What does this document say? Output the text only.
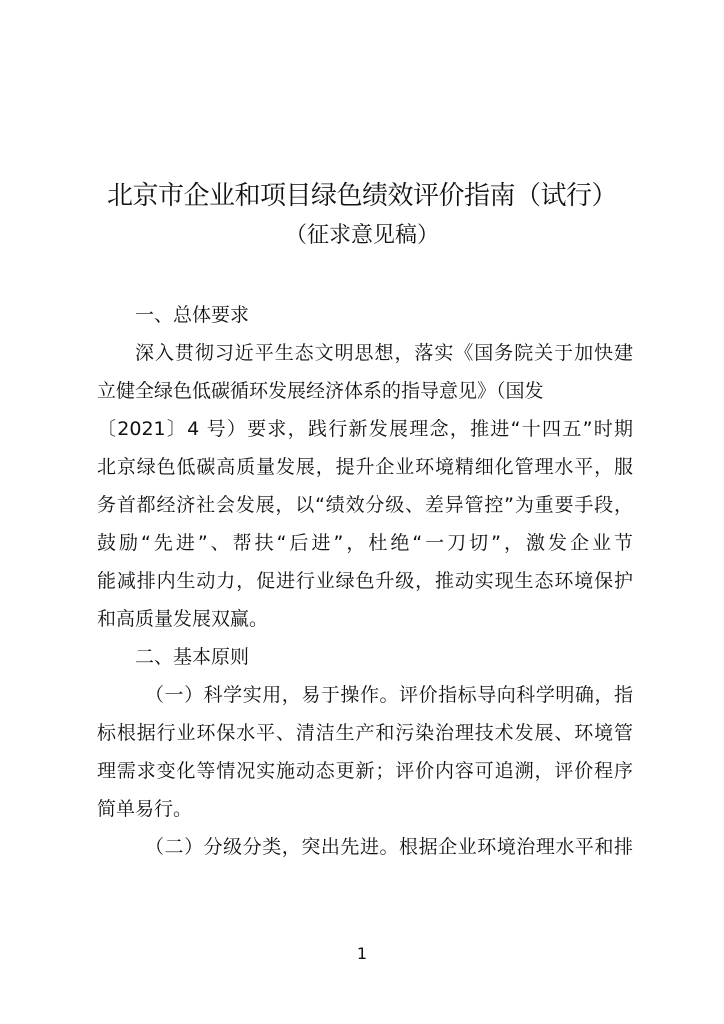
北京市企业和项目绿色绩效评价指南（试行）
（征求意见稿）
一、总体要求
深入贯彻习近平生态文明思想，落实《国务院关于加快建
立健全绿色低碳循环发展经济体系的指导意见》（国发
〔2021〕4 号）要求，践行新发展理念，推进“十四五”时期
北京绿色低碳高质量发展，提升企业环境精细化管理水平，服
务首都经济社会发展，以“绩效分级、差异管控”为重要手段，
鼓励“先进”、帮扶“后进”，杜绝“一刀切”，激发企业节
能减排内生动力，促进行业绿色升级，推动实现生态环境保护
和高质量发展双赢。
二、基本原则
（一）科学实用，易于操作。评价指标导向科学明确，指
标根据行业环保水平、清洁生产和污染治理技术发展、环境管
理需求变化等情况实施动态更新；评价内容可追溯，评价程序
简单易行。
（二）分级分类，突出先进。根据企业环境治理水平和排
1
